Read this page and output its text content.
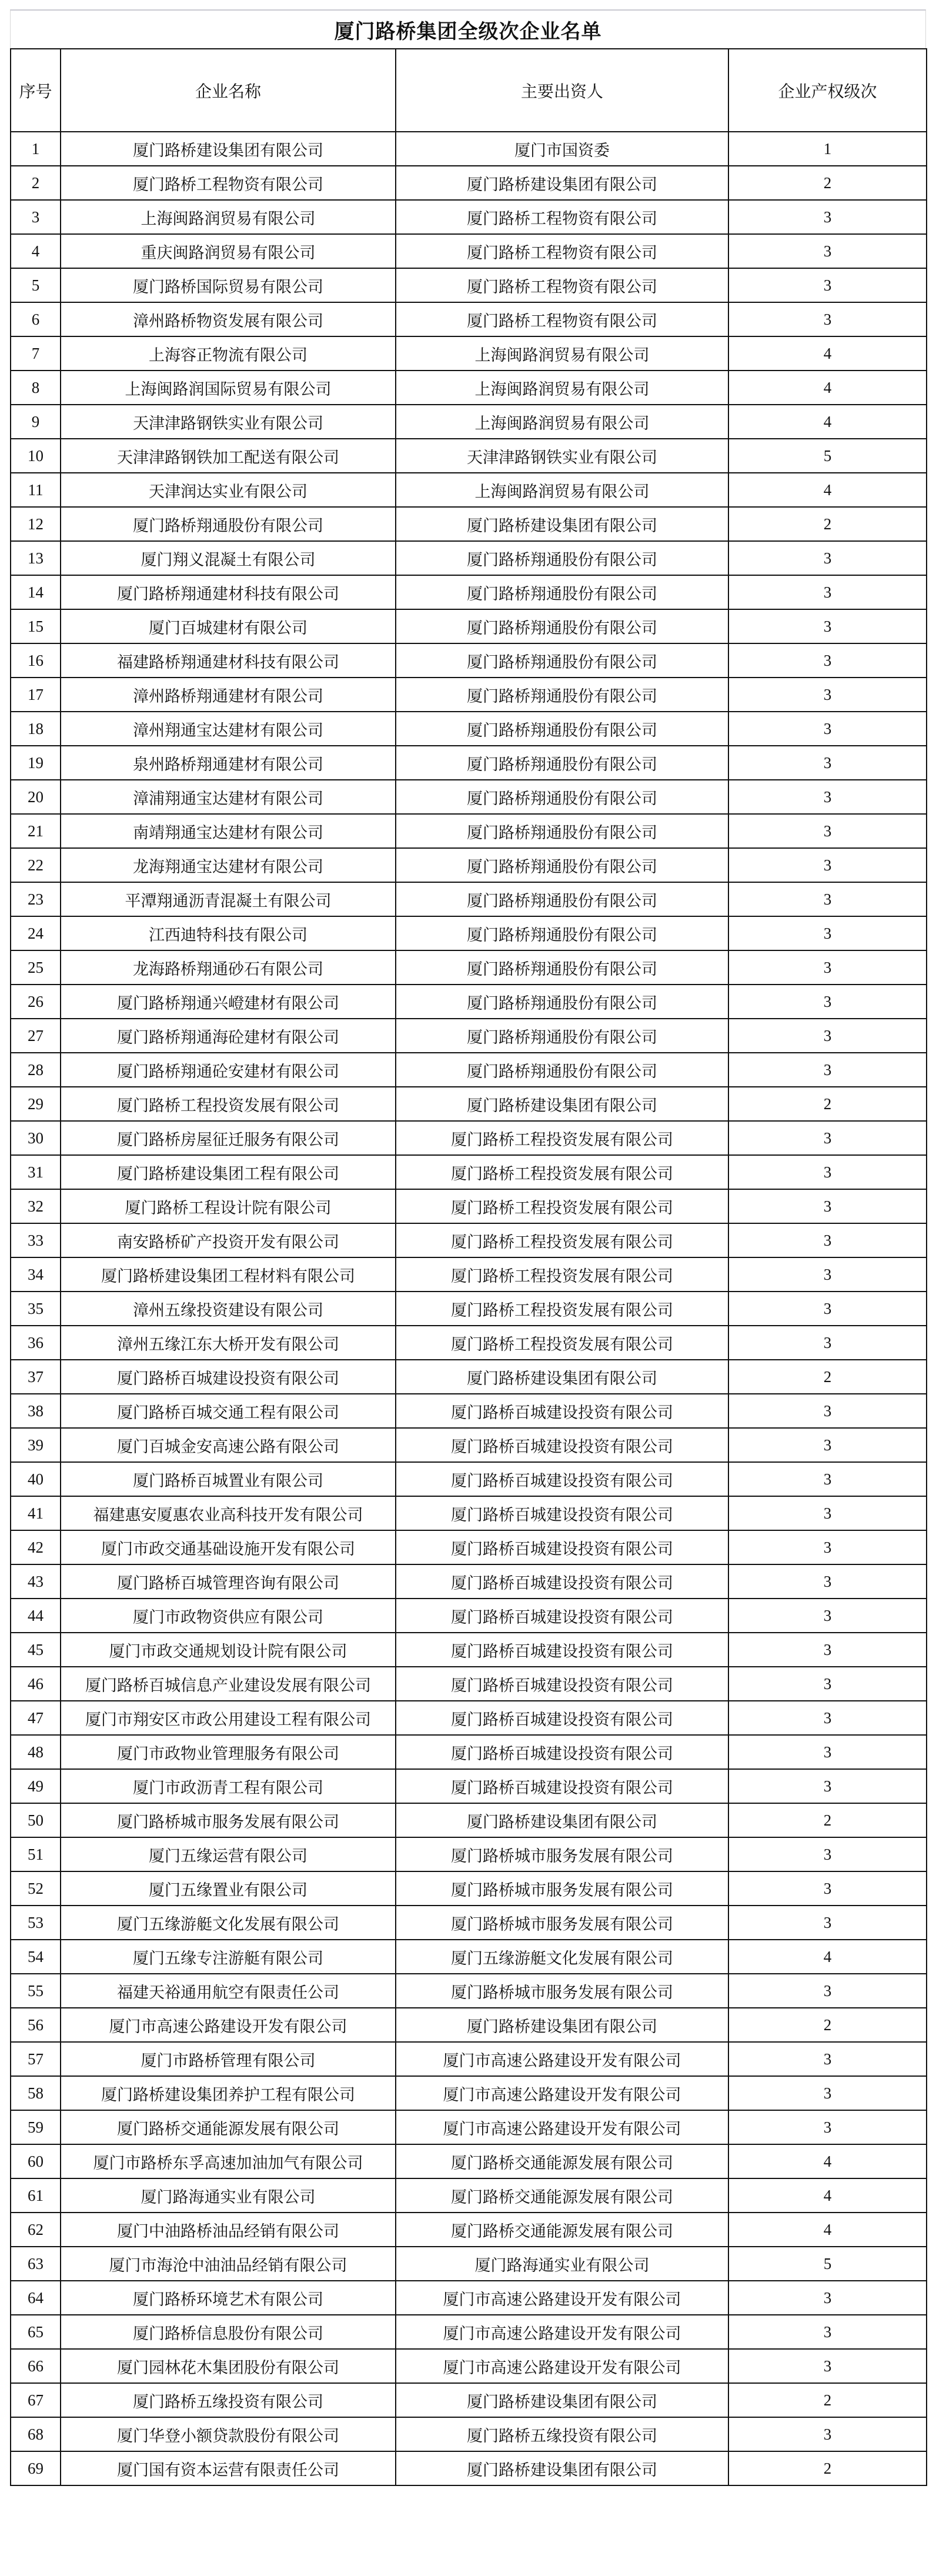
厦门路桥集团全级次企业名单
序号	企业名称	主要出资人	企业产权级次
1	厦门路桥建设集团有限公司	厦门市国资委	1
2	厦门路桥工程物资有限公司	厦门路桥建设集团有限公司	2
3	上海闽路润贸易有限公司	厦门路桥工程物资有限公司	3
4	重庆闽路润贸易有限公司	厦门路桥工程物资有限公司	3
5	厦门路桥国际贸易有限公司	厦门路桥工程物资有限公司	3
6	漳州路桥物资发展有限公司	厦门路桥工程物资有限公司	3
7	上海容正物流有限公司	上海闽路润贸易有限公司	4
8	上海闽路润国际贸易有限公司	上海闽路润贸易有限公司	4
9	天津津路钢铁实业有限公司	上海闽路润贸易有限公司	4
10	天津津路钢铁加工配送有限公司	天津津路钢铁实业有限公司	5
11	天津润达实业有限公司	上海闽路润贸易有限公司	4
12	厦门路桥翔通股份有限公司	厦门路桥建设集团有限公司	2
13	厦门翔义混凝土有限公司	厦门路桥翔通股份有限公司	3
14	厦门路桥翔通建材科技有限公司	厦门路桥翔通股份有限公司	3
15	厦门百城建材有限公司	厦门路桥翔通股份有限公司	3
16	福建路桥翔通建材科技有限公司	厦门路桥翔通股份有限公司	3
17	漳州路桥翔通建材有限公司	厦门路桥翔通股份有限公司	3
18	漳州翔通宝达建材有限公司	厦门路桥翔通股份有限公司	3
19	泉州路桥翔通建材有限公司	厦门路桥翔通股份有限公司	3
20	漳浦翔通宝达建材有限公司	厦门路桥翔通股份有限公司	3
21	南靖翔通宝达建材有限公司	厦门路桥翔通股份有限公司	3
22	龙海翔通宝达建材有限公司	厦门路桥翔通股份有限公司	3
23	平潭翔通沥青混凝土有限公司	厦门路桥翔通股份有限公司	3
24	江西迪特科技有限公司	厦门路桥翔通股份有限公司	3
25	龙海路桥翔通砂石有限公司	厦门路桥翔通股份有限公司	3
26	厦门路桥翔通兴嶝建材有限公司	厦门路桥翔通股份有限公司	3
27	厦门路桥翔通海砼建材有限公司	厦门路桥翔通股份有限公司	3
28	厦门路桥翔通砼安建材有限公司	厦门路桥翔通股份有限公司	3
29	厦门路桥工程投资发展有限公司	厦门路桥建设集团有限公司	2
30	厦门路桥房屋征迁服务有限公司	厦门路桥工程投资发展有限公司	3
31	厦门路桥建设集团工程有限公司	厦门路桥工程投资发展有限公司	3
32	厦门路桥工程设计院有限公司	厦门路桥工程投资发展有限公司	3
33	南安路桥矿产投资开发有限公司	厦门路桥工程投资发展有限公司	3
34	厦门路桥建设集团工程材料有限公司	厦门路桥工程投资发展有限公司	3
35	漳州五缘投资建设有限公司	厦门路桥工程投资发展有限公司	3
36	漳州五缘江东大桥开发有限公司	厦门路桥工程投资发展有限公司	3
37	厦门路桥百城建设投资有限公司	厦门路桥建设集团有限公司	2
38	厦门路桥百城交通工程有限公司	厦门路桥百城建设投资有限公司	3
39	厦门百城金安高速公路有限公司	厦门路桥百城建设投资有限公司	3
40	厦门路桥百城置业有限公司	厦门路桥百城建设投资有限公司	3
41	福建惠安厦惠农业高科技开发有限公司	厦门路桥百城建设投资有限公司	3
42	厦门市政交通基础设施开发有限公司	厦门路桥百城建设投资有限公司	3
43	厦门路桥百城管理咨询有限公司	厦门路桥百城建设投资有限公司	3
44	厦门市政物资供应有限公司	厦门路桥百城建设投资有限公司	3
45	厦门市政交通规划设计院有限公司	厦门路桥百城建设投资有限公司	3
46	厦门路桥百城信息产业建设发展有限公司	厦门路桥百城建设投资有限公司	3
47	厦门市翔安区市政公用建设工程有限公司	厦门路桥百城建设投资有限公司	3
48	厦门市政物业管理服务有限公司	厦门路桥百城建设投资有限公司	3
49	厦门市政沥青工程有限公司	厦门路桥百城建设投资有限公司	3
50	厦门路桥城市服务发展有限公司	厦门路桥建设集团有限公司	2
51	厦门五缘运营有限公司	厦门路桥城市服务发展有限公司	3
52	厦门五缘置业有限公司	厦门路桥城市服务发展有限公司	3
53	厦门五缘游艇文化发展有限公司	厦门路桥城市服务发展有限公司	3
54	厦门五缘专注游艇有限公司	厦门五缘游艇文化发展有限公司	4
55	福建天裕通用航空有限责任公司	厦门路桥城市服务发展有限公司	3
56	厦门市高速公路建设开发有限公司	厦门路桥建设集团有限公司	2
57	厦门市路桥管理有限公司	厦门市高速公路建设开发有限公司	3
58	厦门路桥建设集团养护工程有限公司	厦门市高速公路建设开发有限公司	3
59	厦门路桥交通能源发展有限公司	厦门市高速公路建设开发有限公司	3
60	厦门市路桥东孚高速加油加气有限公司	厦门路桥交通能源发展有限公司	4
61	厦门路海通实业有限公司	厦门路桥交通能源发展有限公司	4
62	厦门中油路桥油品经销有限公司	厦门路桥交通能源发展有限公司	4
63	厦门市海沧中油油品经销有限公司	厦门路海通实业有限公司	5
64	厦门路桥环境艺术有限公司	厦门市高速公路建设开发有限公司	3
65	厦门路桥信息股份有限公司	厦门市高速公路建设开发有限公司	3
66	厦门园林花木集团股份有限公司	厦门市高速公路建设开发有限公司	3
67	厦门路桥五缘投资有限公司	厦门路桥建设集团有限公司	2
68	厦门华登小额贷款股份有限公司	厦门路桥五缘投资有限公司	3
69	厦门国有资本运营有限责任公司	厦门路桥建设集团有限公司	2
